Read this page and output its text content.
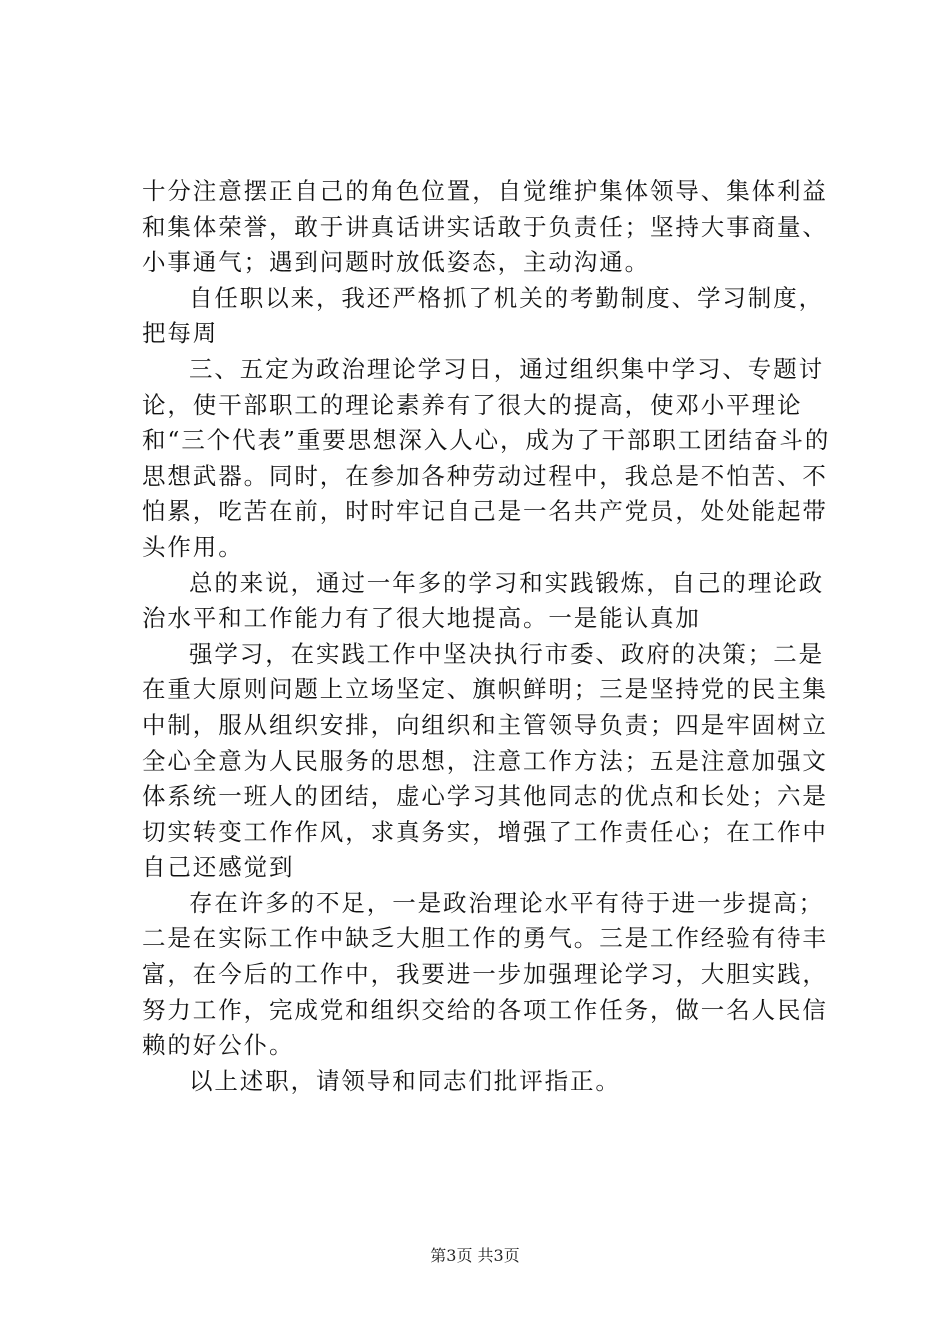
十分注意摆正自己的角色位置，自觉维护集体领导、集体利益和集体荣誉，敢于讲真话讲实话敢于负责任；坚持大事商量、小事通气；遇到问题时放低姿态，主动沟通。

自任职以来，我还严格抓了机关的考勤制度、学习制度，把每周

三、五定为政治理论学习日，通过组织集中学习、专题讨论，使干部职工的理论素养有了很大的提高，使邓小平理论和“三个代表”重要思想深入人心，成为了干部职工团结奋斗的思想武器。同时，在参加各种劳动过程中，我总是不怕苦、不怕累，吃苦在前，时时牢记自己是一名共产党员，处处能起带头作用。

总的来说，通过一年多的学习和实践锻炼，自己的理论政治水平和工作能力有了很大地提高。一是能认真加

强学习，在实践工作中坚决执行市委、政府的决策；二是在重大原则问题上立场坚定、旗帜鲜明；三是坚持党的民主集中制，服从组织安排，向组织和主管领导负责；四是牢固树立全心全意为人民服务的思想，注意工作方法；五是注意加强文体系统一班人的团结，虚心学习其他同志的优点和长处；六是切实转变工作作风，求真务实，增强了工作责任心；在工作中自己还感觉到

存在许多的不足，一是政治理论水平有待于进一步提高；二是在实际工作中缺乏大胆工作的勇气。三是工作经验有待丰富，在今后的工作中，我要进一步加强理论学习，大胆实践，努力工作，完成党和组织交给的各项工作任务，做一名人民信赖的好公仆。

以上述职，请领导和同志们批评指正。

第3页 共3页
